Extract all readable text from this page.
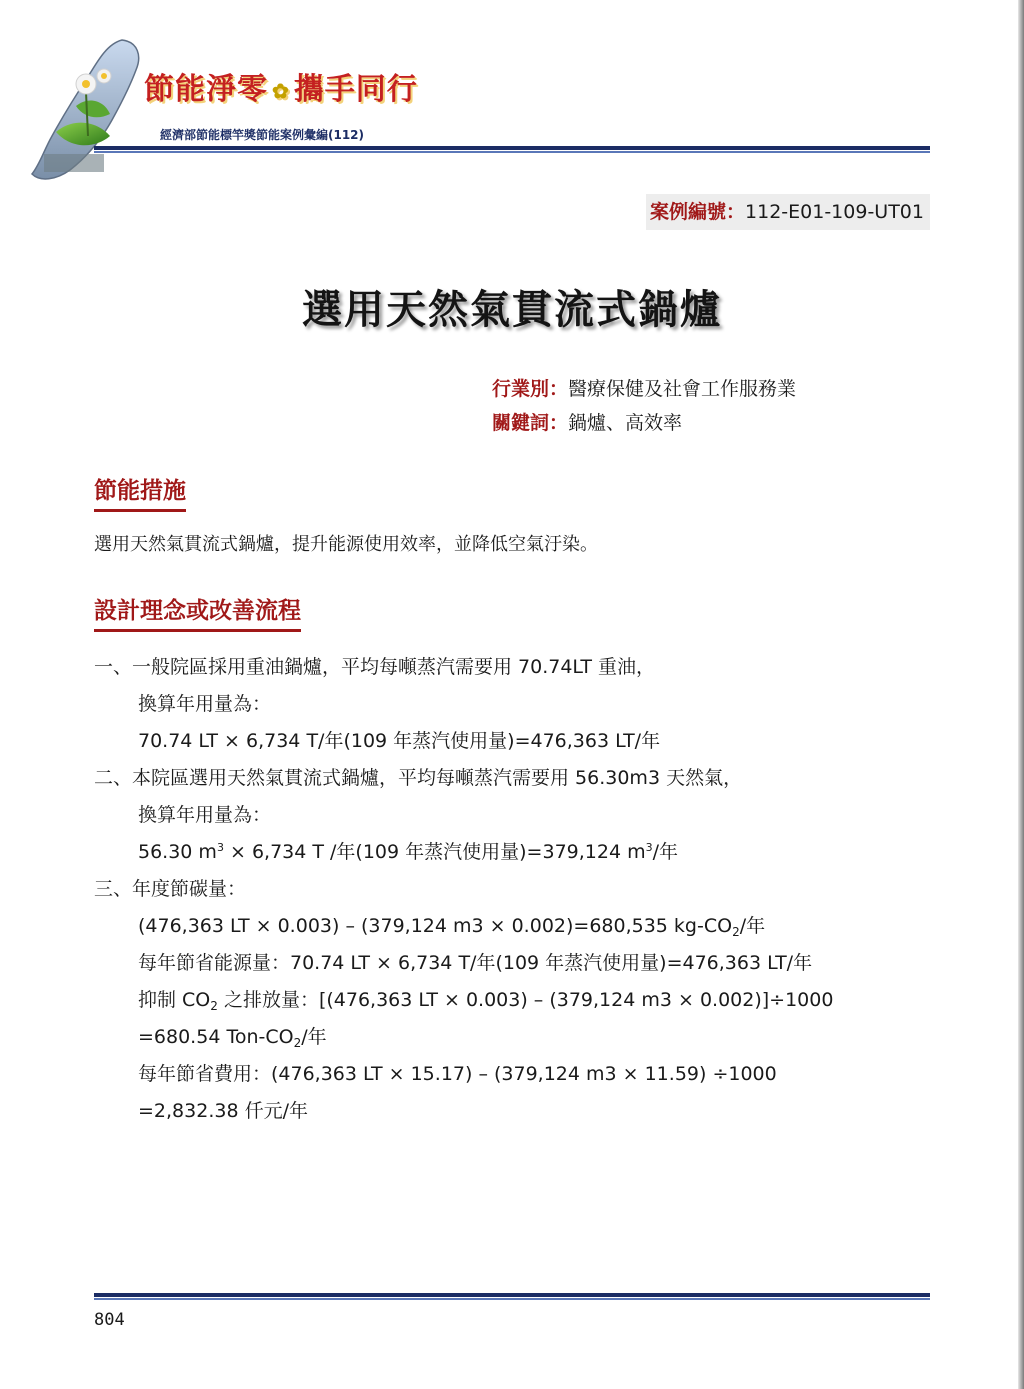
節能淨零 ✿ 攜手同行
經濟部節能標竿獎節能案例彙編(112)
案例編號：112-E01-109-UT01
選用天然氣貫流式鍋爐
行業別：醫療保健及社會工作服務業
關鍵詞：鍋爐、高效率
節能措施
選用天然氣貫流式鍋爐，提升能源使用效率，並降低空氣汙染。
設計理念或改善流程
一、一般院區採用重油鍋爐，平均每噸蒸汽需要用 70.74LT 重油，
換算年用量為：
70.74 LT × 6,734 T/年(109 年蒸汽使用量)=476,363 LT/年
二、本院區選用天然氣貫流式鍋爐，平均每噸蒸汽需要用 56.30m3 天然氣，
換算年用量為：
56.30 $m^3 \times 6,734$ T /年(109 年蒸汽使用量)=379,124 $m^3/$年
三、年度節碳量：
(476,363 LT × 0.003) – (379,124 m3 × 0.002)=680,535 $kg-CO_2/$年
每年節省能源量：70.74 LT × 6,734 T/年(109 年蒸汽使用量)=476,363 LT/年
抑制 $CO_2$ 之排放量：[(476,363 LT × 0.003) – (379,124 m3 × 0.002)]÷1000
=680.54 Ton-$CO_2/$年
每年節省費用：(476,363 LT × 15.17) – (379,124 m3 × 11.59) ÷1000
=2,832.38 仟元/年
804
